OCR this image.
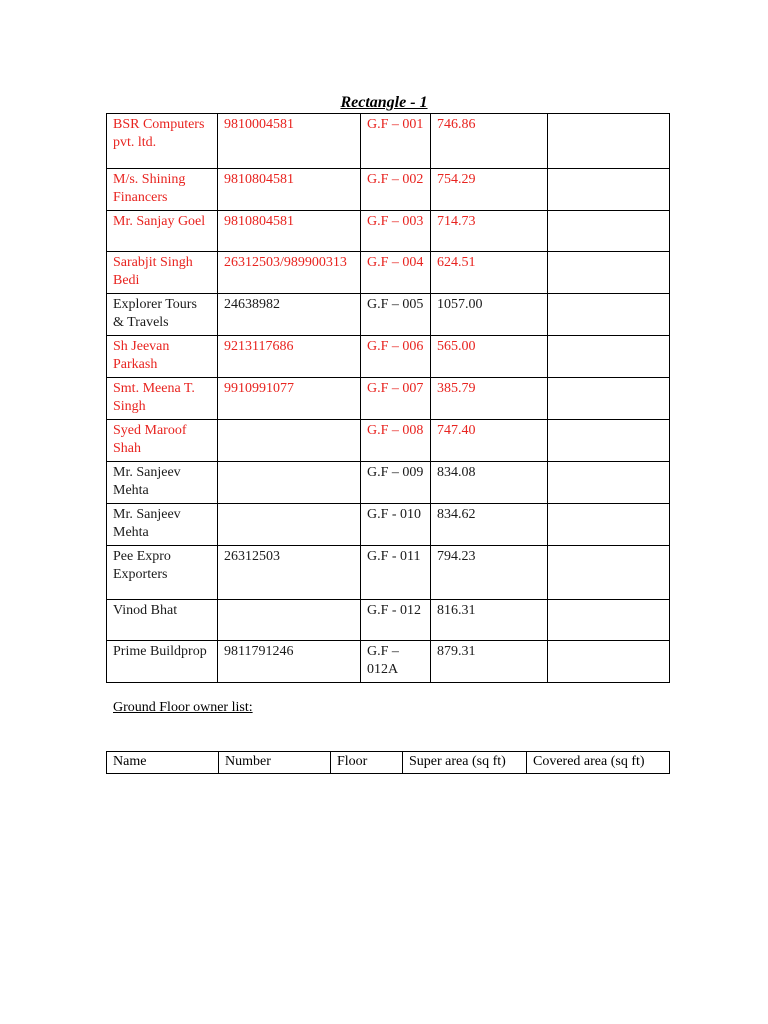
Rectangle - 1
BSR Computers pvt. ltd.	9810004581	G.F – 001	746.86	
M/s. Shining Financers	9810804581	G.F – 002	754.29	
Mr. Sanjay Goel	9810804581	G.F – 003	714.73	
Sarabjit Singh Bedi	26312503/989900313	G.F – 004	624.51	
Explorer Tours & Travels	24638982	G.F – 005	1057.00	
Sh Jeevan Parkash	9213117686	G.F – 006	565.00	
Smt. Meena T. Singh	9910991077	G.F – 007	385.79	
Syed Maroof Shah		G.F – 008	747.40	
Mr. Sanjeev Mehta		G.F – 009	834.08	
Mr. Sanjeev Mehta		G.F - 010	834.62	
Pee Expro Exporters	26312503	G.F - 011	794.23	
Vinod Bhat		G.F - 012	816.31	
Prime Buildprop	9811791246	G.F – 012A	879.31	
Ground Floor owner list:
Name	Number	Floor	Super area (sq ft)	Covered area (sq ft)
